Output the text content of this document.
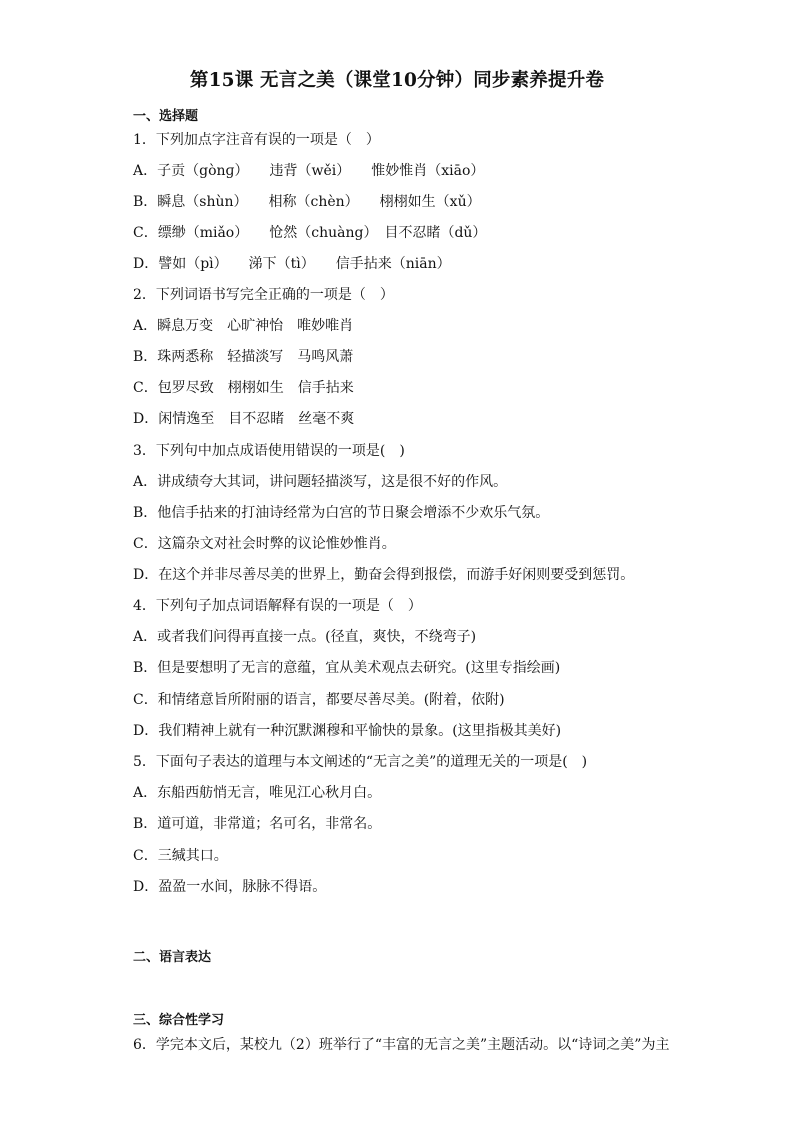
第15课 无言之美（课堂10分钟）同步素养提升卷
一、选择题
1．下列加点字注音有误的一项是（　）
A．子贡（gònɡ）　　违背（wěi）　　惟妙惟肖（xiāo）
B．瞬息（shùn）　　相称（chèn）　　栩栩如生（xǔ）
C．缥缈（miǎo）　　怆然（chuàng）　目不忍睹（dǔ）
D．譬如（pì）　　涕下（tì）　　信手拈来（niān）
2．下列词语书写完全正确的一项是（　）
A．瞬息万变　心旷神怡　唯妙唯肖
B．珠两悉称　轻描淡写　马鸣风萧
C．包罗尽致　栩栩如生　信手拈来
D．闲情逸至　目不忍睹　丝毫不爽
3．下列句中加点成语使用错误的一项是(　)
A．讲成绩夸大其词，讲问题轻描淡写，这是很不好的作风。
B．他信手拈来的打油诗经常为白宫的节日聚会增添不少欢乐气氛。
C．这篇杂文对社会时弊的议论惟妙惟肖。
D．在这个并非尽善尽美的世界上，勤奋会得到报偿，而游手好闲则要受到惩罚。
4．下列句子加点词语解释有误的一项是（　）
A．或者我们问得再直接一点。(径直，爽快，不绕弯子)
B．但是要想明了无言的意蕴，宜从美术观点去研究。(这里专指绘画)
C．和情绪意旨所附丽的语言，都要尽善尽美。(附着，依附)
D．我们精神上就有一种沉默渊穆和平愉快的景象。(这里指极其美好)
5．下面句子表达的道理与本文阐述的“无言之美”的道理无关的一项是(　)
A．东船西舫悄无言，唯见江心秋月白。
B．道可道，非常道；名可名，非常名。
C．三缄其口。
D．盈盈一水间，脉脉不得语。
二、语言表达
三、综合性学习
6．学完本文后，某校九（2）班举行了“丰富的无言之美”主题活动。以“诗词之美”为主
